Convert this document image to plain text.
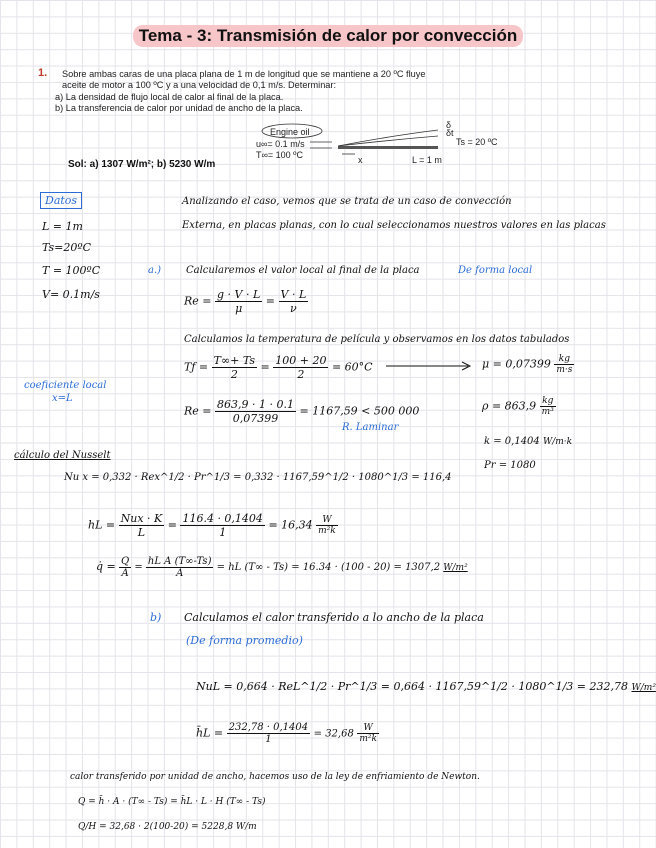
Tema - 3: Transmisión de calor por convección
1. Sobre ambas caras de una placa plana de 1 m de longitud que se mantiene a 20 ºC fluye
aceite de motor a 100 ºC y a una velocidad de 0,1 m/s. Determinar:
a) La densidad de flujo local de calor al final de la placa.
b) La transferencia de calor por unidad de ancho de la placa.
Sol: a) 1307 W/m²; b) 5230 W/m
Engine oil
u∞= 0.1 m/s
T∞= 100 ºC
δ
δt
Ts = 20 ºC
x	L = 1 m
Datos
L = 1m
Ts=20ºC
T = 100ºC
V= 0.1m/s
Analizando el caso, vemos que se trata de un caso de convección
Externa, en placas planas, con lo cual seleccionamos nuestros valores en las placas
a.) Calcularemos el valor local al final de la placa	De forma local
$Re = \frac{g \cdot V \cdot L}{\mu} = \frac{V \cdot L}{\nu}$
Calculamos la temperatura de película y observamos en los datos tabulados
Tƒ = $\frac{T\infty+ Ts}{2} = \frac{100 + 20}{2} = 60^\circ C$	$\mu = 0,07399 \frac{kg}{m\cdot s}$
coeficiente local
x=L
$Re = \frac{863,9 \cdot 1 \cdot 0.1}{0,07399} = 1167,59 < 500$ 000
R. Laminar
$\rho = 863,9 \frac{kg}{\text{m³}}$
k = 0,1404 W/m·k
Pr = 1080
cálculo del Nusselt
Nu x = 0,332 · Rex^1/2 · Pr^1/3 = 0,332 · 1167,59^1/2 · 1080^1/3 = 116,4
hL = $\frac{\text{Nux · K}}{L} = \frac{116.4 \cdot 0,1404}{1} = 16,34 \frac{W}{\text{m²k}}$
q̇ = $\frac{Q}{A} = \frac{\text{hL A (T∞-Ts)}}{A}$ = hL (T∞ - Ts) = 16.34 · (100 - 20) = 1307,2 W/m²
b) Calculamos el calor transferido a lo ancho de la placa
(De forma promedio)
NuL = 0,664 · ReL^1/2 · Pr^1/3 = 0,664 · 1167,59^1/2 · 1080^1/3 = 232,78 W/m²
h̄L = $\frac{232,78 \cdot 0,1404}{1} = 32,68 \frac{W}{\text{m²k}}$
calor transferido por unidad de ancho, hacemos uso de la ley de enfriamiento de Newton.
Q = h̄ · A · (T∞ - Ts) = h̄L · L · H (T∞ - Ts)
Q/H = 32,68 · 2(100-20) = 5228,8 W/m
